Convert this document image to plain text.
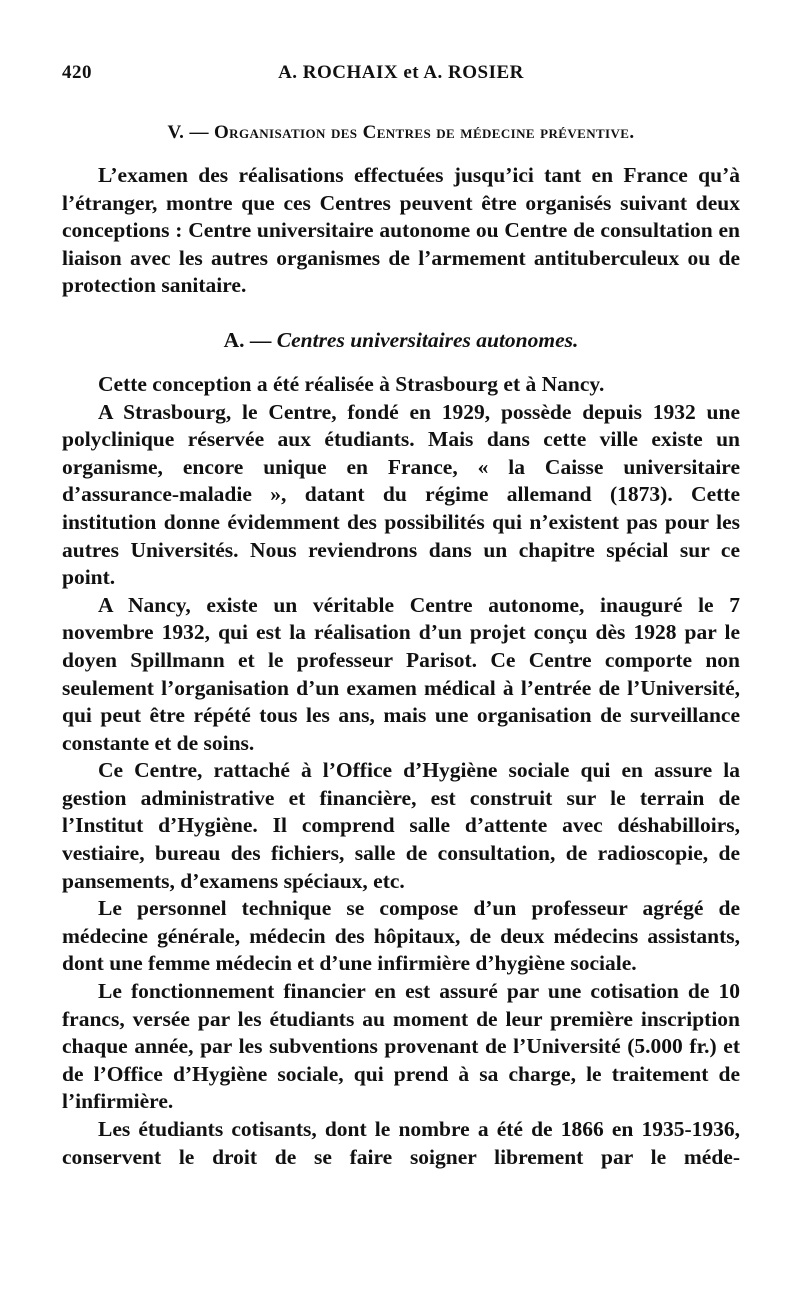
420	A. ROCHAIX et A. ROSIER
V. — Organisation des Centres de médecine préventive.

L’examen des réalisations effectuées jusqu’ici tant en France qu’à l’étranger, montre que ces Centres peuvent être organisés suivant deux conceptions : Centre universitaire autonome ou Centre de consultation en liaison avec les autres organismes de l’armement antituberculeux ou de protection sanitaire.

A. — Centres universitaires autonomes.

Cette conception a été réalisée à Strasbourg et à Nancy.

A Strasbourg, le Centre, fondé en 1929, possède depuis 1932 une polyclinique réservée aux étudiants. Mais dans cette ville existe un organisme, encore unique en France, « la Caisse universitaire d’assurance-maladie », datant du régime allemand (1873). Cette institution donne évidemment des possibilités qui n’existent pas pour les autres Universités. Nous reviendrons dans un chapitre spécial sur ce point.

A Nancy, existe un véritable Centre autonome, inauguré le 7 novembre 1932, qui est la réalisation d’un projet conçu dès 1928 par le doyen Spillmann et le professeur Parisot. Ce Centre comporte non seulement l’organisation d’un examen médical à l’entrée de l’Université, qui peut être répété tous les ans, mais une organisation de surveillance constante et de soins.

Ce Centre, rattaché à l’Office d’Hygiène sociale qui en assure la gestion administrative et financière, est construit sur le terrain de l’Institut d’Hygiène. Il comprend salle d’attente avec déshabilloirs, vestiaire, bureau des fichiers, salle de consultation, de radioscopie, de pansements, d’examens spéciaux, etc.

Le personnel technique se compose d’un professeur agrégé de médecine générale, médecin des hôpitaux, de deux médecins assistants, dont une femme médecin et d’une infirmière d’hygiène sociale.

Le fonctionnement financier en est assuré par une cotisation de 10 francs, versée par les étudiants au moment de leur première inscription chaque année, par les subventions provenant de l’Université (5.000 fr.) et de l’Office d’Hygiène sociale, qui prend à sa charge, le traitement de l’infirmière.

Les étudiants cotisants, dont le nombre a été de 1866 en 1935-1936, conservent le droit de se faire soigner librement par le méde-
